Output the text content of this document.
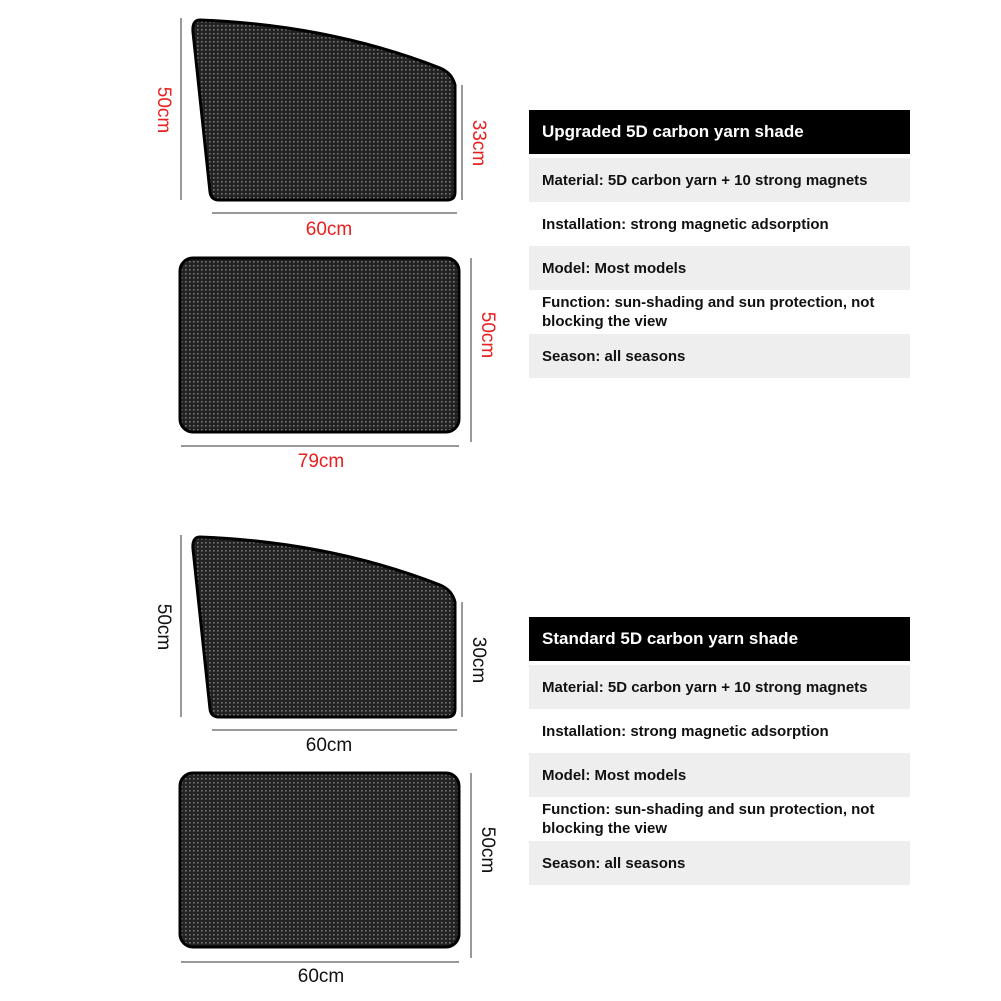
50cm
33cm
60cm
50cm
79cm
50cm
30cm
60cm
50cm
60cm
Upgraded 5D carbon yarn shade
Material: 5D carbon yarn + 10 strong magnets
Installation: strong magnetic adsorption
Model: Most models
Function: sun-shading and sun protection, not blocking the view
Season: all seasons
Standard 5D carbon yarn shade
Material: 5D carbon yarn + 10 strong magnets
Installation: strong magnetic adsorption
Model: Most models
Function: sun-shading and sun protection, not blocking the view
Season: all seasons
